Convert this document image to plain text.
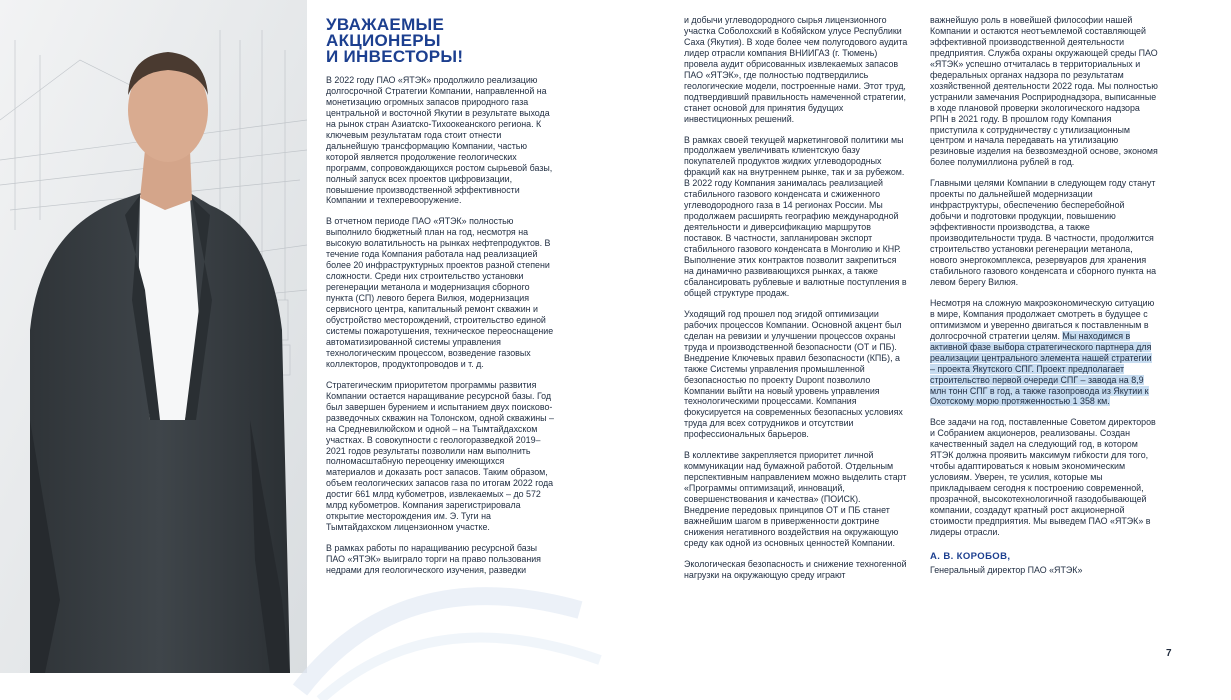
УВАЖАЕМЫЕ
АКЦИОНЕРЫ
И ИНВЕСТОРЫ!

В 2022 году ПАО «ЯТЭК» продолжило реализацию долгосрочной Стратегии Компании, направленной на монетизацию огромных запасов природного газа центральной и восточной Якутии в результате выхода на рынок стран Азиатско-Тихоокеанского региона. К ключевым результатам года стоит отнести дальнейшую трансформацию Компании, частью которой является продолжение геологических программ, сопровождающихся ростом сырьевой базы, полный запуск всех проектов цифровизации, повышение производственной эффективности Компании и техперевооружение.

В отчетном периоде ПАО «ЯТЭК» полностью выполнило бюджетный план на год, несмотря на высокую волатильность на рынках нефтепродуктов. В течение года Компания работала над реализацией более 20 инфраструктурных проектов разной степени сложности. Среди них строительство установки регенерации метанола и модернизация сборного пункта (СП) левого берега Вилюя, модернизация сервисного центра, капитальный ремонт скважин и обустройство месторождений, строительство единой системы пожаротушения, техническое переоснащение автоматизированной системы управления технологическим процессом, возведение газовых коллекторов, продуктопроводов и т. д.

Стратегическим приоритетом программы развития Компании остается наращивание ресурсной базы. Год был завершен бурением и испытанием двух поисково-разведочных скважин на Толонском, одной скважины – на Средневилюйском и одной – на Тымтайдахском участках. В совокупности с геологоразведкой 2019–2021 годов результаты позволили нам выполнить полномасштабную переоценку имеющихся материалов и доказать рост запасов. Таким образом, объем геологических запасов газа по итогам 2022 года достиг 661 млрд кубометров, извлекаемых – до 572 млрд кубометров. Компания зарегистрировала открытие месторождения им. Э. Туги на Тымтайдахском лицензионном участке.

В рамках работы по наращиванию ресурсной базы ПАО «ЯТЭК» выиграло торги на право пользования недрами для геологического изучения, разведки

и добычи углеводородного сырья лицензионного участка Соболохский в Кобяйском улусе Республики Саха (Якутия). В ходе более чем полугодового аудита лидер отрасли компания ВНИИГАЗ (г. Тюмень) провела аудит обрисованных извлекаемых запасов ПАО «ЯТЭК», где полностью подтвердились геологические модели, построенные нами. Этот труд, подтвердивший правильность намеченной стратегии, станет основой для принятия будущих инвестиционных решений.

В рамках своей текущей маркетинговой политики мы продолжаем увеличивать клиентскую базу покупателей продуктов жидких углеводородных фракций как на внутреннем рынке, так и за рубежом. В 2022 году Компания занималась реализацией стабильного газового конденсата и сжиженного углеводородного газа в 14 регионах России. Мы продолжаем расширять географию международной деятельности и диверсификацию маршрутов поставок. В частности, запланирован экспорт стабильного газового конденсата в Монголию и КНР. Выполнение этих контрактов позволит закрепиться на динамично развивающихся рынках, а также сбалансировать рублевые и валютные поступления в общей структуре продаж.

Уходящий год прошел под эгидой оптимизации рабочих процессов Компании. Основной акцент был сделан на ревизии и улучшении процессов охраны труда и производственной безопасности (ОТ и ПБ). Внедрение Ключевых правил безопасности (КПБ), а также Системы управления промышленной безопасностью по проекту Dupont позволило Компании выйти на новый уровень управления технологическими процессами. Компания фокусируется на современных безопасных условиях труда для всех сотрудников и отсутствии профессиональных барьеров.

В коллективе закрепляется приоритет личной коммуникации над бумажной работой. Отдельным перспективным направлением можно выделить старт «Программы оптимизаций, инноваций, совершенствования и качества» (ПОИСК). Внедрение передовых принципов ОТ и ПБ станет важнейшим шагом в приверженности доктрине снижения негативного воздействия на окружающую среду как одной из основных ценностей Компании.

Экологическая безопасность и снижение техногенной нагрузки на окружающую среду играют

важнейшую роль в новейшей философии нашей Компании и остаются неотъемлемой составляющей эффективной производственной деятельности предприятия. Служба охраны окружающей среды ПАО «ЯТЭК» успешно отчиталась в территориальных и федеральных органах надзора по результатам хозяйственной деятельности 2022 года. Мы полностью устранили замечания Росприроднадзора, выписанные в ходе плановой проверки экологического надзора РПН в 2021 году. В прошлом году Компания приступила к сотрудничеству с утилизационным центром и начала передавать на утилизацию резиновые изделия на безвозмездной основе, экономя более полумиллиона рублей в год.

Главными целями Компании в следующем году станут проекты по дальнейшей модернизации инфраструктуры, обеспечению бесперебойной добычи и подготовки продукции, повышению эффективности производства, а также производительности труда. В частности, продолжится строительство установки регенерации метанола, нового энергокомплекса, резервуаров для хранения стабильного газового конденсата и сборного пункта на левом берегу Вилюя.

Несмотря на сложную макроэкономическую ситуацию в мире, Компания продолжает смотреть в будущее с оптимизмом и уверенно двигаться к поставленным в долгосрочной стратегии целям. Мы находимся в активной фазе выбора стратегического партнера для реализации центрального элемента нашей стратегии – проекта Якутского СПГ. Проект предполагает строительство первой очереди СПГ – завода на 8,9 млн тонн СПГ в год, а также газопровода из Якутии к Охотскому морю протяженностью 1 358 км.

Все задачи на год, поставленные Советом директоров и Собранием акционеров, реализованы. Создан качественный задел на следующий год, в котором ЯТЭК должна проявить максимум гибкости для того, чтобы адаптироваться к новым экономическим условиям. Уверен, те усилия, которые мы прикладываем сегодня к построению современной, прозрачной, высокотехнологичной газодобывающей компании, создадут кратный рост акционерной стоимости предприятия. Мы выведем ПАО «ЯТЭК» в лидеры отрасли.

А. В. КОРОБОВ,
Генеральный директор ПАО «ЯТЭК»
7
